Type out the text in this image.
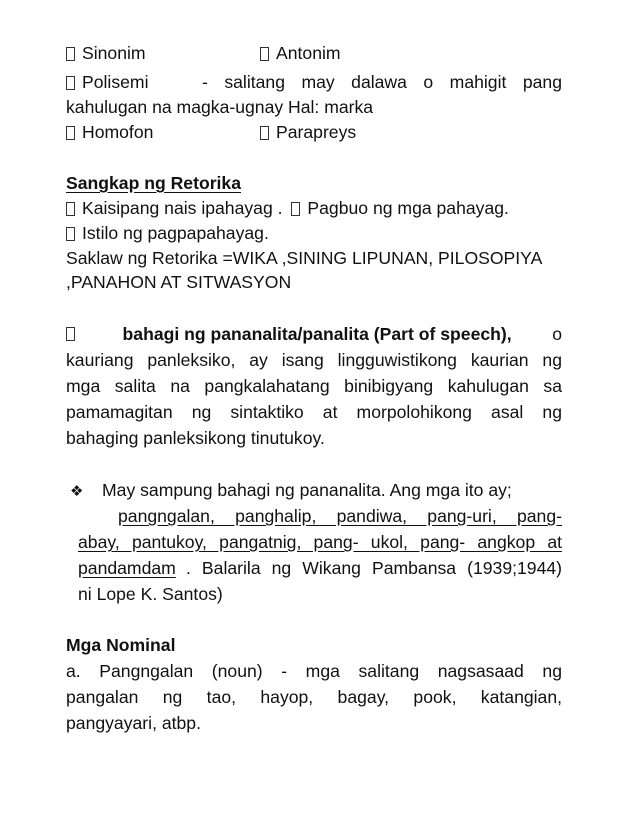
Sinonim	Antonim
Polisemi	- salitang may dalawa o mahigit pang
kahulugan na magka-ugnay Hal: marka
Homofon	Parapreys
Sangkap ng Retorika
Kaisipang nais ipahayag . Pagbuo ng mga pahayag.
Istilo ng pagpapahayag.
Saklaw ng Retorika =WIKA ,SINING LIPUNAN, PILOSOPIYA
,PANAHON AT SITWASYON
bahagi ng pananalita/panalita (Part of speech), o
kauriang panleksiko, ay isang lingguwistikong kaurian ng
mga salita na pangkalahatang binibigyang kahulugan sa
pamamagitan ng sintaktiko at morpolohikong asal ng
bahaging panleksikong tinutukoy.
❖ May sampung bahagi ng pananalita. Ang mga ito ay;
pangngalan, panghalip, pandiwa, pang-uri, pang-
abay, pantukoy, pangatnig, pang- ukol, pang- angkop at
pandamdam . Balarila ng Wikang Pambansa (1939;1944)
ni Lope K. Santos)
Mga Nominal
a. Pangngalan (noun) - mga salitang nagsasaad ng
pangalan ng tao, hayop, bagay, pook, katangian,
pangyayari, atbp.
